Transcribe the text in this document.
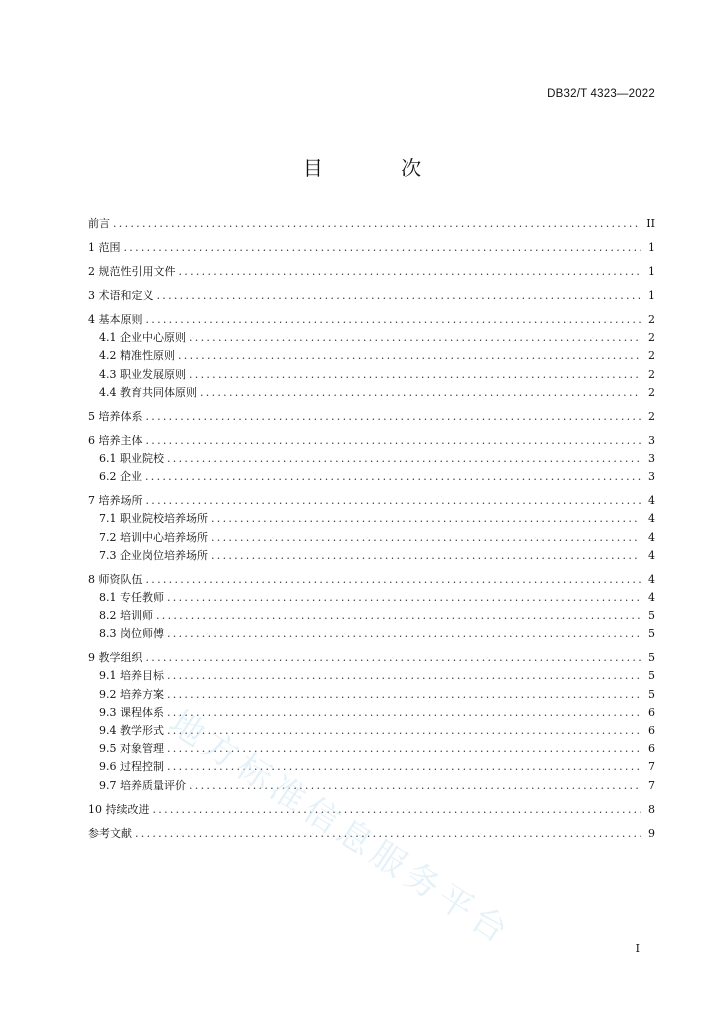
DB32/T 4323—2022
目 次
前言 .....	II
1 范围 .....	1
2 规范性引用文件 .....	1
3 术语和定义 .....	1
4 基本原则 .....	2
4.1 企业中心原则 .....	2
4.2 精准性原则 .....	2
4.3 职业发展原则 .....	2
4.4 教育共同体原则 .....	2
5 培养体系 .....	2
6 培养主体 .....	3
6.1 职业院校 .....	3
6.2 企业 .....	3
7 培养场所 .....	4
7.1 职业院校培养场所 .....	4
7.2 培训中心培养场所 .....	4
7.3 企业岗位培养场所 .....	4
8 师资队伍 .....	4
8.1 专任教师 .....	4
8.2 培训师 .....	5
8.3 岗位师傅 .....	5
9 教学组织 .....	5
9.1 培养目标 .....	5
9.2 培养方案 .....	5
9.3 课程体系 .....	6
9.4 教学形式 .....	6
9.5 对象管理 .....	6
9.6 过程控制 .....	7
9.7 培养质量评价 .....	7
10 持续改进 .....	8
参考文献 .....	9
地方标准信息服务平台	I
